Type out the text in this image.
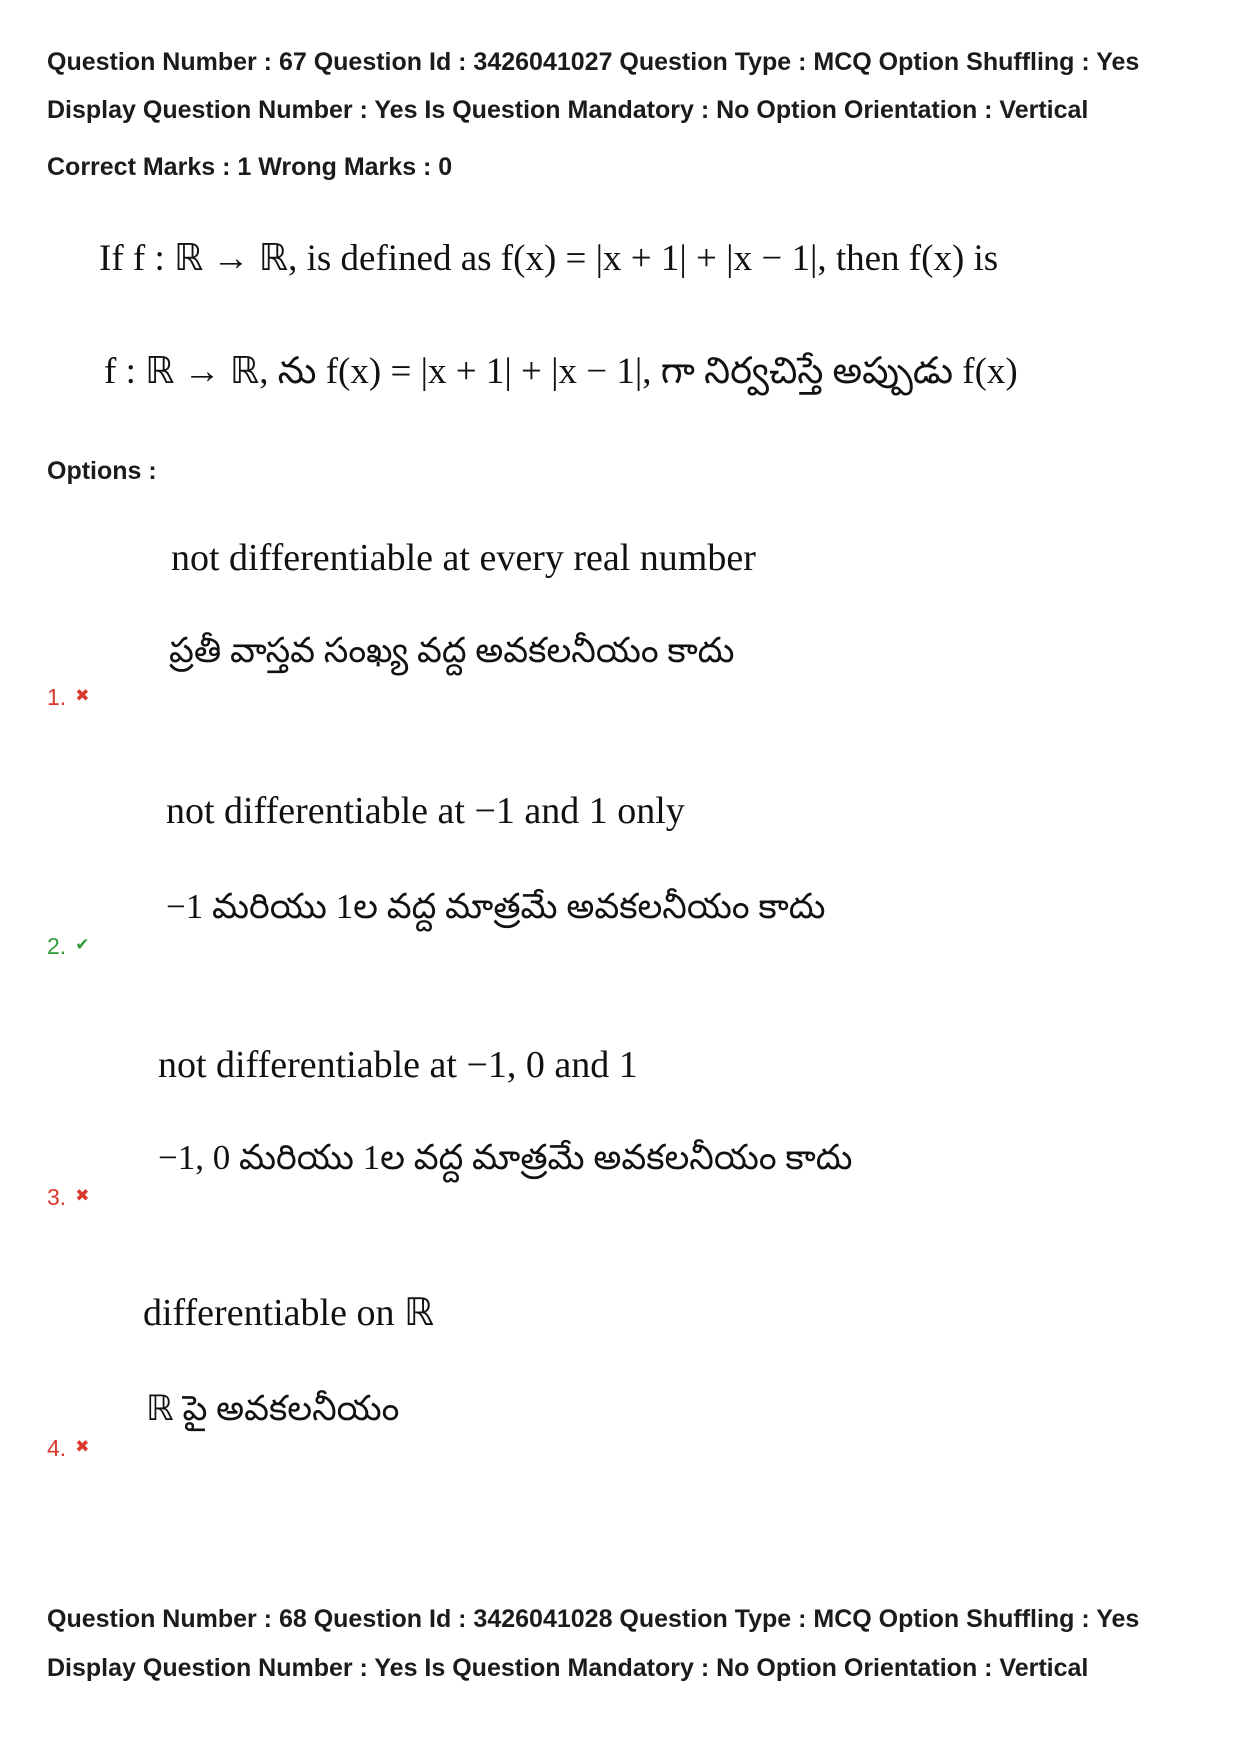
Question Number : 67 Question Id : 3426041027 Question Type : MCQ Option Shuffling : Yes
Display Question Number : Yes Is Question Mandatory : No Option Orientation : Vertical
Correct Marks : 1 Wrong Marks : 0
If f : ℝ → ℝ, is defined as f(x) = |x + 1| + |x − 1|, then f(x) is
f : ℝ → ℝ, ను f(x) = |x + 1| + |x − 1|, గా నిర్వచిస్తే అప్పుడు f(x)
Options :
not differentiable at every real number
ప్రతీ వాస్తవ సంఖ్య వద్ద అవకలనీయం కాదు
1. ✖
not differentiable at −1 and 1 only
−1 మరియు 1ల వద్ద మాత్రమే అవకలనీయం కాదు
2. ✔
not differentiable at −1, 0 and 1
−1, 0 మరియు 1ల వద్ద మాత్రమే అవకలనీయం కాదు
3. ✖
differentiable on ℝ
ℝ పై అవకలనీయం
4. ✖
Question Number : 68 Question Id : 3426041028 Question Type : MCQ Option Shuffling : Yes
Display Question Number : Yes Is Question Mandatory : No Option Orientation : Vertical
